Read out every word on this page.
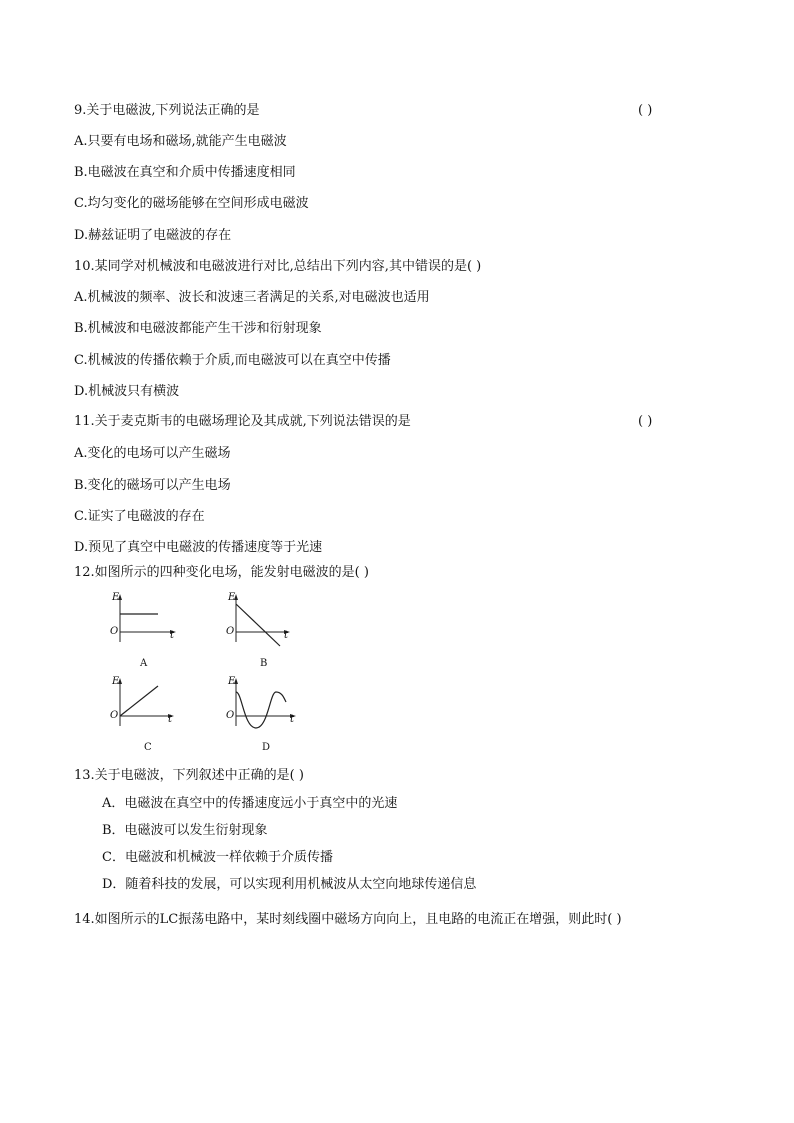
9.关于电磁波,下列说法正确的是	( )
A.只要有电场和磁场,就能产生电磁波
B.电磁波在真空和介质中传播速度相同
C.均匀变化的磁场能够在空间形成电磁波
D.赫兹证明了电磁波的存在
10.某同学对机械波和电磁波进行对比,总结出下列内容,其中错误的是( )
A.机械波的频率、波长和波速三者满足的关系,对电磁波也适用
B.机械波和电磁波都能产生干涉和衍射现象
C.机械波的传播依赖于介质,而电磁波可以在真空中传播
D.机械波只有横波
11.关于麦克斯韦的电磁场理论及其成就,下列说法错误的是	( )
A.变化的电场可以产生磁场
B.变化的磁场可以产生电场
C.证实了电磁波的存在
D.预见了真空中电磁波的传播速度等于光速
12.如图所示的四种变化电场，能发射电磁波的是( )
E
O	t
A
E
O	t
B
E
O	t
C
E
O	t
D
13.关于电磁波，下列叙述中正确的是( )
A．电磁波在真空中的传播速度远小于真空中的光速
B．电磁波可以发生衍射现象
C．电磁波和机械波一样依赖于介质传播
D．随着科技的发展，可以实现利用机械波从太空向地球传递信息
14.如图所示的LC振荡电路中，某时刻线圈中磁场方向向上，且电路的电流正在增强，则此时( )
